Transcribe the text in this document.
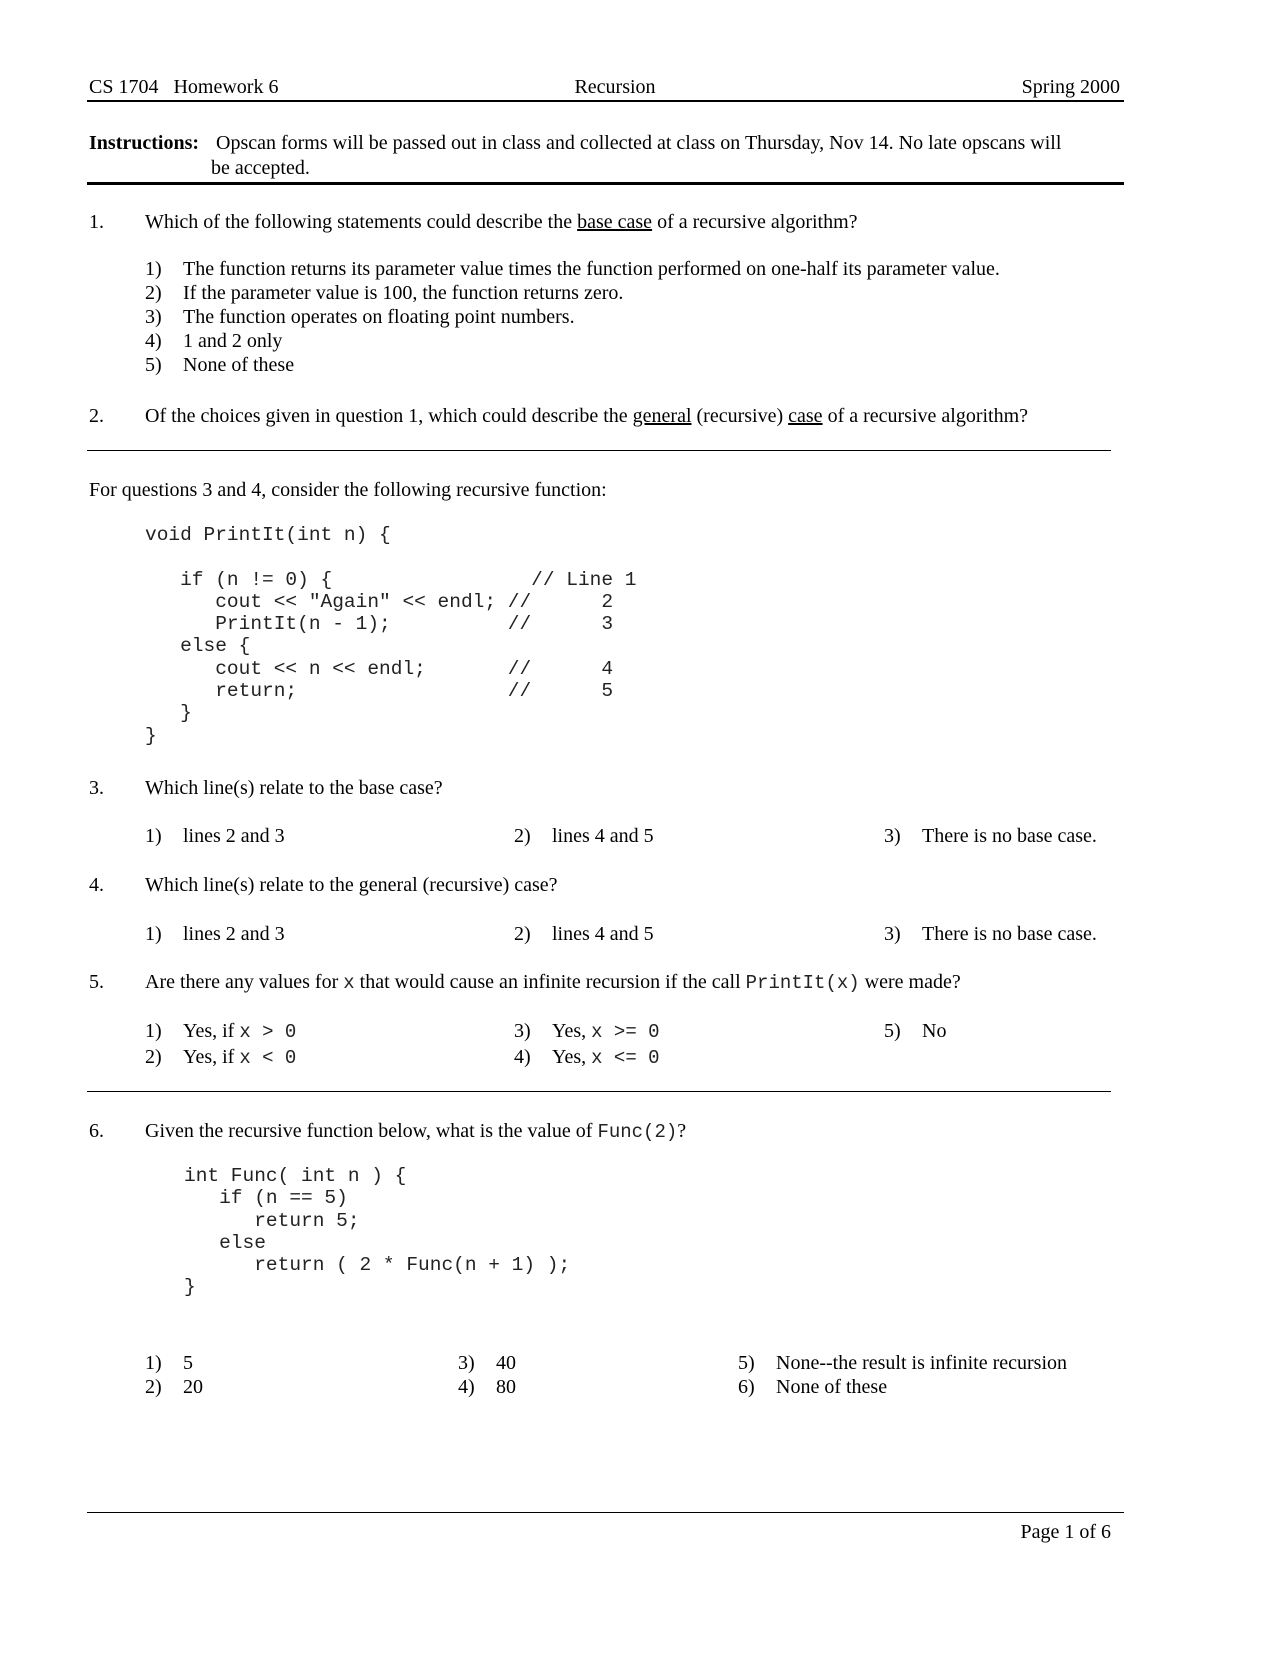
CS 1704   Homework 6	Recursion	Spring 2000
Instructions: Opscan forms will be passed out in class and collected at class on Thursday, Nov 14. No late opscans will
be accepted.
1. Which of the following statements could describe the base case of a recursive algorithm?
1) The function returns its parameter value times the function performed on one-half its parameter value.
2) If the parameter value is 100, the function returns zero.
3) The function operates on floating point numbers.
4) 1 and 2 only
5) None of these
2. Of the choices given in question 1, which could describe the general (recursive) case of a recursive algorithm?
For questions 3 and 4, consider the following recursive function:
void PrintIt(int n) {

if (n != 0) {                 // Line 1
cout << "Again" << endl; //      2
PrintIt(n - 1);          //      3
else {
cout << n << endl;       //      4
return;                  //      5
}
}
3. Which line(s) relate to the base case?
1) lines 2 and 3	2) lines 4 and 5	3) There is no base case.
4. Which line(s) relate to the general (recursive) case?
1) lines 2 and 3	2) lines 4 and 5	3) There is no base case.
5. Are there any values for x that would cause an infinite recursion if the call PrintIt(x) were made?
1) Yes, if x > 0
2) Yes, if x < 0
3) Yes, x >= 0
4) Yes, x <= 0
5) No
6. Given the recursive function below, what is the value of Func(2)?
int Func( int n ) {
if (n == 5)
return 5;
else
return ( 2 * Func(n + 1) );
}
1) 5
2) 20
3) 40
4) 80
5) None--the result is infinite recursion
6) None of these
Page 1 of 6
